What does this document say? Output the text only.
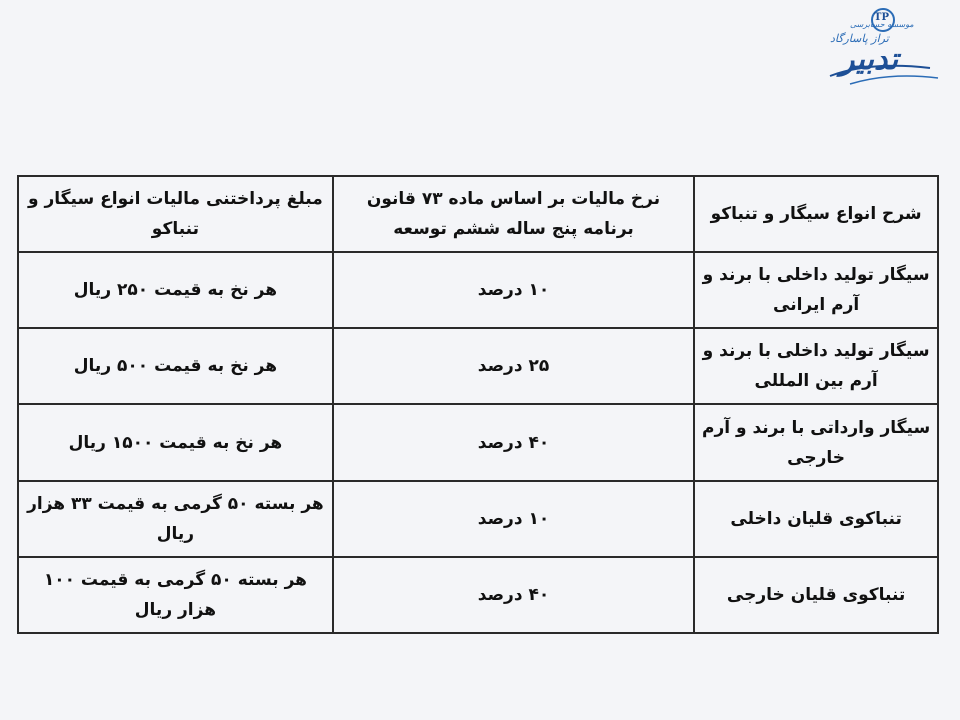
TP
موسسه حسابرسی
تراز پاسارگاد
تدبیر
شرح انواع سیگار و تنباکو	نرخ مالیات بر اساس ماده ۷۳ قانون برنامه پنج ساله ششم توسعه	مبلغ پرداختنی مالیات انواع سیگار و تنباکو
سیگار تولید داخلی با برند و آرم ایرانی	۱۰ درصد	هر نخ به قیمت ۲۵۰ ریال
سیگار تولید داخلی با برند و آرم بین المللی	۲۵ درصد	هر نخ به قیمت ۵۰۰ ریال
سیگار وارداتی با برند و آرم خارجی	۴۰ درصد	هر نخ به قیمت ۱۵۰۰ ریال
تنباکوی قلیان داخلی	۱۰ درصد	هر بسته ۵۰ گرمی به قیمت ۳۳ هزار ریال
تنباکوی قلیان خارجی	۴۰ درصد	هر بسته ۵۰ گرمی به قیمت ۱۰۰ هزار ریال
